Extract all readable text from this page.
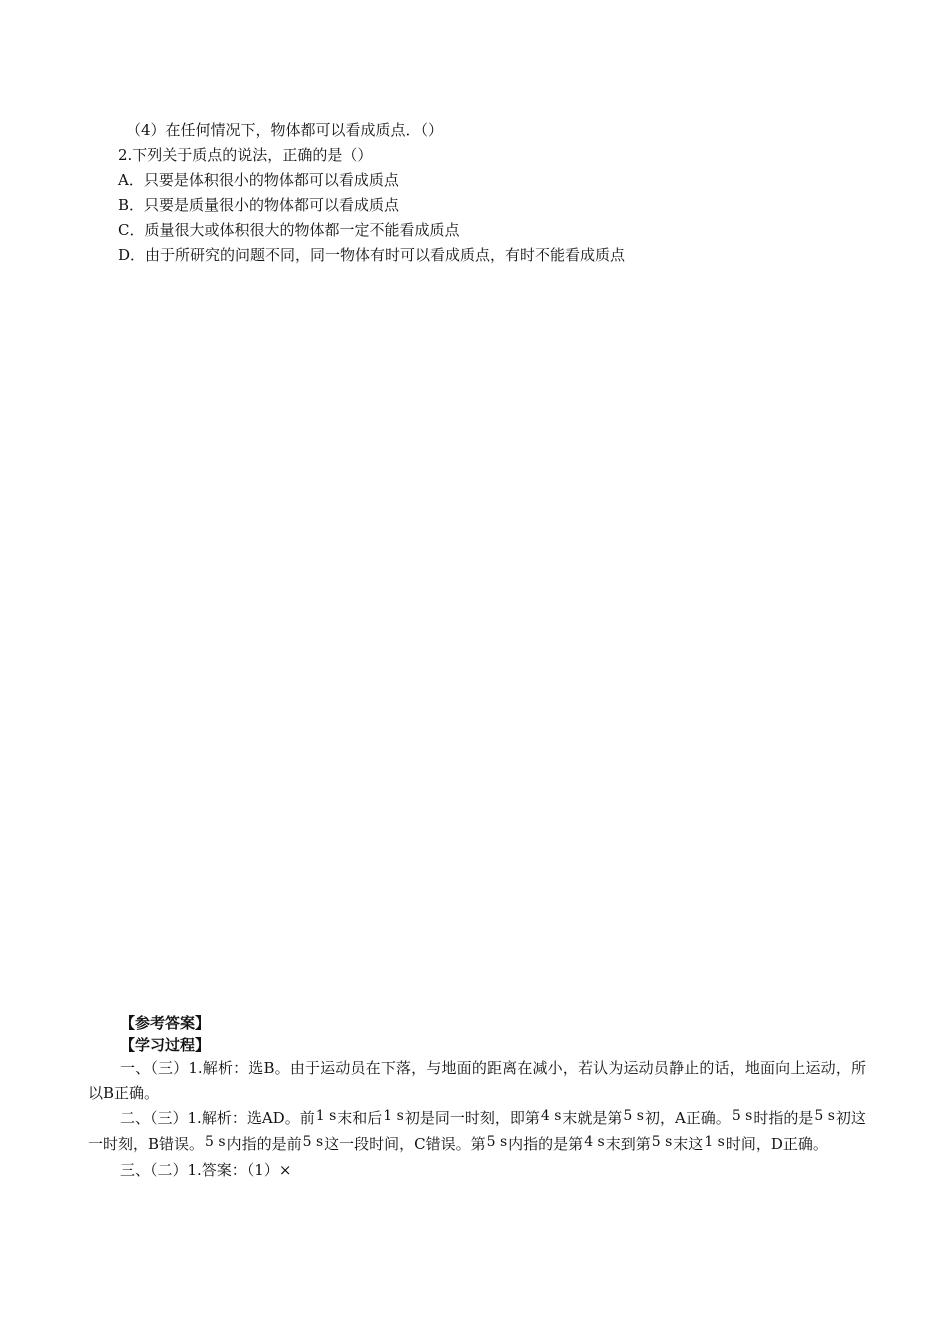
（4）在任何情况下，物体都可以看成质点．（）
2.下列关于质点的说法，正确的是（）
A．只要是体积很小的物体都可以看成质点
B．只要是质量很小的物体都可以看成质点
C．质量很大或体积很大的物体都一定不能看成质点
D．由于所研究的问题不同，同一物体有时可以看成质点，有时不能看成质点
【参考答案】
【学习过程】

一、（三）1.解析：选B。由于运动员在下落，与地面的距离在减小，若认为运动员静止的话，地面向上运动，所以B正确。

二、（三）1.解析：选AD。前1 s末和后1 s初是同一时刻，即第4 s末就是第5 s初，A正确。5 s时指的是5 s初这一时刻，B错误。5 s内指的是前5 s这一段时间，C错误。第5 s内指的是第4 s末到第5 s末这1 s时间，D正确。

三、（二）1.答案：（1）×
